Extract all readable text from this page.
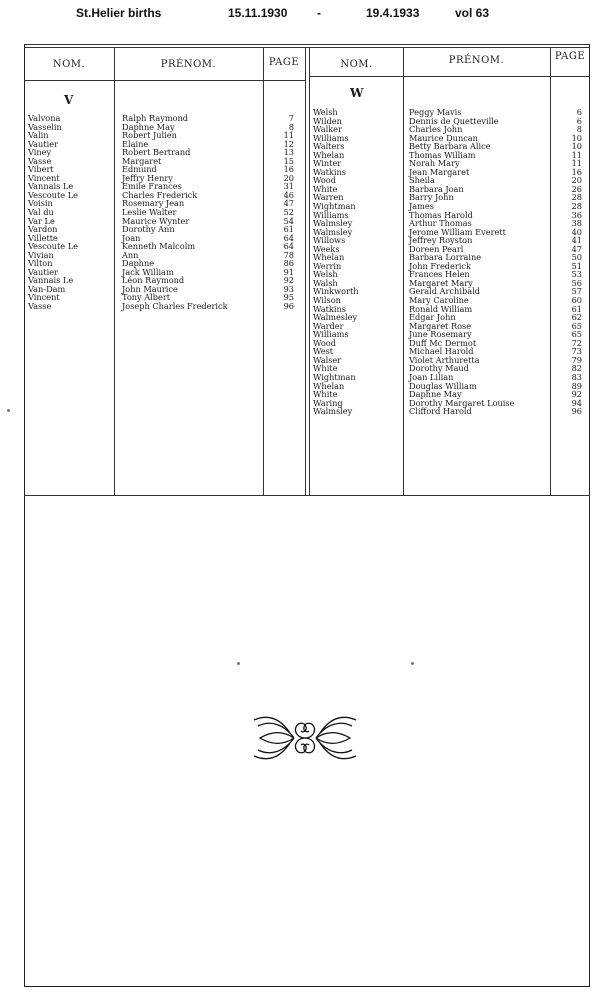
St.Helier births	15.11.1930 -	19.4.1933	vol 63
NOM.	PRÉNOM.	PAGE	NOM.	PRÉNOM.	PAGE
V	W
Valvona	Ralph Raymond	7
Vasselin	Daphne May	8
Valin	Robert Julien	11
Vautier	Elaine	12
Viney	Robert Bertrand	13
Vasse	Margaret	15
Vibert	Edmund	16
Vincent	Jeffry Henry	20
Vannais Le	Emile Frances	31
Vescoute Le	Charles Frederick	46
Voisin	Rosemary Jean	47
Val du	Leslie Walter	52
Var Le	Maurice Wynter	54
Vardon	Dorothy Ann	61
Villette	Joan	64
Vescoute Le	Kenneth Malcolm	64
Vivian	Ann	78
Vilton	Daphne	86
Vautier	Jack William	91
Vannais Le	Léon Raymond	92
Van-Dam	John Maurice	93
Vincent	Tony Albert	95
Vasse	Joseph Charles Frederick	96
Welsh	Peggy Mavis	6
Wilden	Dennis de Quetteville	6
Walker	Charles John	8
Williams	Maurice Duncan	10
Walters	Betty Barbara Alice	10
Whelan	Thomas William	11
Winter	Norah Mary	11
Watkins	Jean Margaret	16
Wood	Sheila	20
White	Barbara Joan	26
Warren	Barry John	28
Wightman	James	28
Williams	Thomas Harold	36
Walmsley	Arthur Thomas	38
Walmsley	Jerome William Everett	40
Willows	Jeffrey Royston	41
Weeks	Doreen Pearl	47
Whelan	Barbara Lorraine	50
Werrin	John Frederick	51
Welsh	Frances Helen	53
Walsh	Margaret Mary	56
Winkworth	Gerald Archibald	57
Wilson	Mary Caroline	60
Watkins	Ronald William	61
Walmesley	Edgar John	62
Warder	Margaret Rose	65
Williams	June Rosemary	65
Wood	Duff Mc Dermot	72
West	Michael Harold	73
Walser	Violet Arthuretta	79
White	Dorothy Maud	82
Wightman	Joan Lilian	83
Whelan	Douglas William	89
White	Daphne May	92
Waring	Dorothy Margaret Louise	94
Walmsley	Clifford Harold	96
